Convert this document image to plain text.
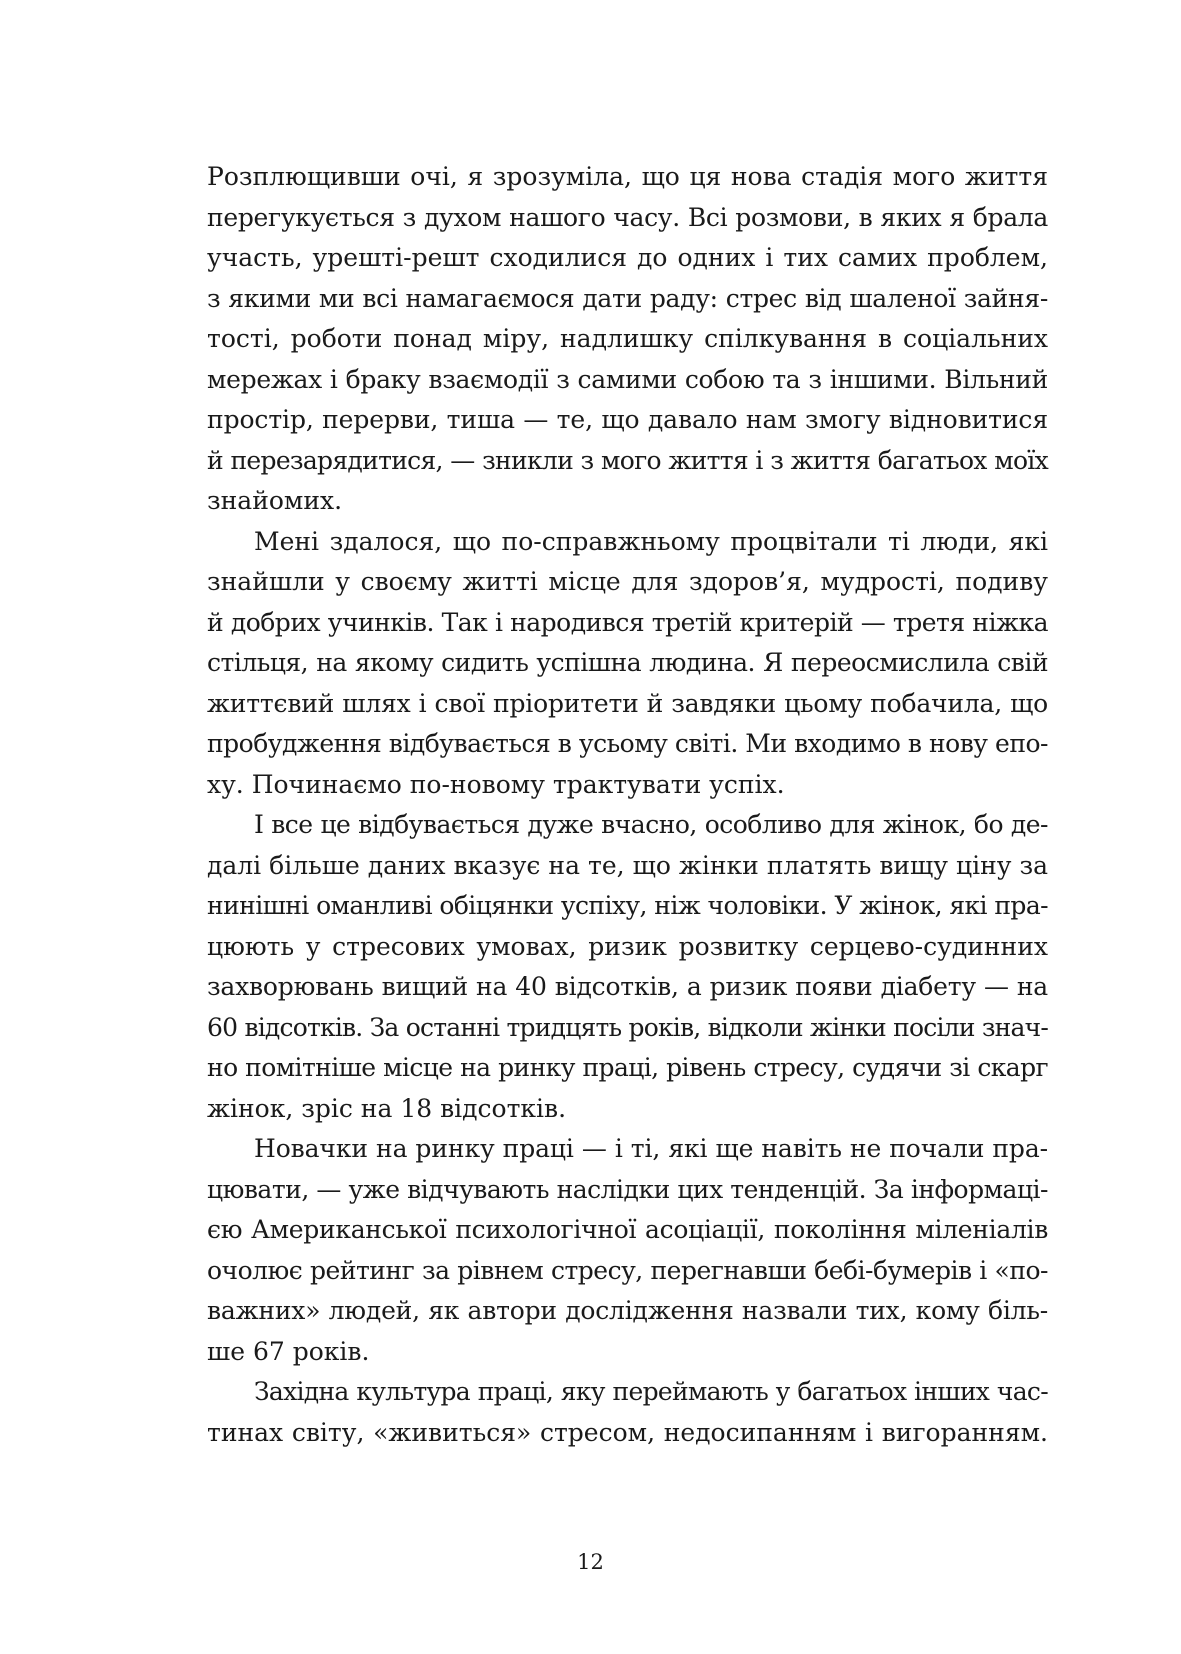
Розплющивши очі, я зрозуміла, що ця нова стадія мого життя
перегукується з духом нашого часу. Всі розмови, в яких я брала
участь, урешті-решт сходилися до одних і тих самих проблем,
з якими ми всі намагаємося дати раду: стрес від шаленої зайня-
тості, роботи понад міру, надлишку спілкування в соціальних
мережах і браку взаємодії з самими собою та з іншими. Вільний
простір, перерви, тиша — те, що давало нам змогу відновитися
й перезарядитися, — зникли з мого життя і з життя багатьох моїх
знайомих.
Мені здалося, що по-справжньому процвітали ті люди, які
знайшли у своєму житті місце для здоров’я, мудрості, подиву
й добрих учинків. Так і народився третій критерій — третя ніжка
стільця, на якому сидить успішна людина. Я переосмислила свій
життєвий шлях і свої пріоритети й завдяки цьому побачила, що
пробудження відбувається в усьому світі. Ми входимо в нову епо-
ху. Починаємо по-новому трактувати успіх.
І все це відбувається дуже вчасно, особливо для жінок, бо де-
далі більше даних вказує на те, що жінки платять вищу ціну за
нинішні оманливі обіцянки успіху, ніж чоловіки. У жінок, які пра-
цюють у стресових умовах, ризик розвитку серцево-судинних
захворювань вищий на 40 відсотків, а ризик появи діабету — на
60 відсотків. За останні тридцять років, відколи жінки посіли знач-
но помітніше місце на ринку праці, рівень стресу, судячи зі скарг
жінок, зріс на 18 відсотків.
Новачки на ринку праці — і ті, які ще навіть не почали пра-
цювати, — уже відчувають наслідки цих тенденцій. За інформаці-
єю Американської психологічної асоціації, покоління міленіалів
очолює рейтинг за рівнем стресу, перегнавши бебі-бумерів і «по-
важних» людей, як автори дослідження назвали тих, кому біль-
ше 67 років.
Західна культура праці, яку переймають у багатьох інших час-
тинах світу, «живиться» стресом, недосипанням і вигоранням.
12
